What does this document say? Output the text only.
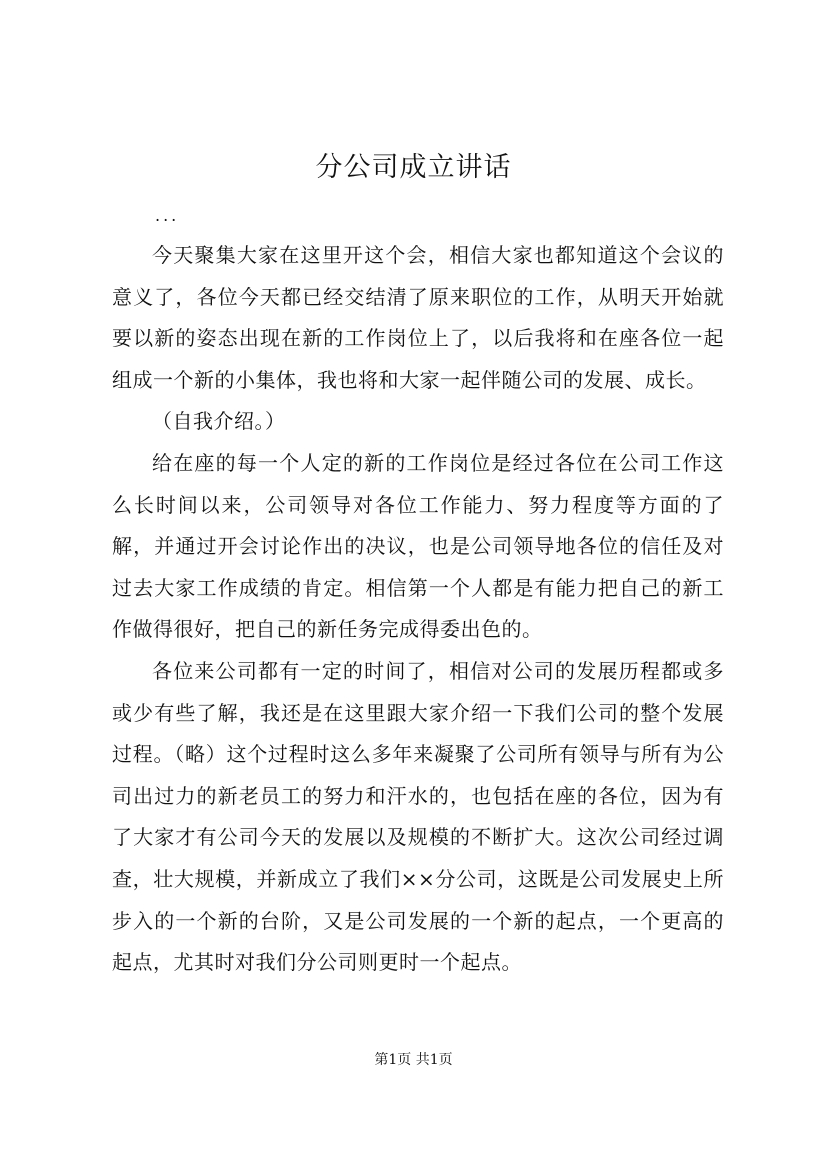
分公司成立讲话
...

今天聚集大家在这里开这个会，相信大家也都知道这个会议的意义了，各位今天都已经交结清了原来职位的工作，从明天开始就要以新的姿态出现在新的工作岗位上了，以后我将和在座各位一起组成一个新的小集体，我也将和大家一起伴随公司的发展、成长。

（自我介绍。）

给在座的每一个人定的新的工作岗位是经过各位在公司工作这么长时间以来，公司领导对各位工作能力、努力程度等方面的了解，并通过开会讨论作出的决议，也是公司领导地各位的信任及对过去大家工作成绩的肯定。相信第一个人都是有能力把自己的新工作做得很好，把自己的新任务完成得委出色的。

各位来公司都有一定的时间了，相信对公司的发展历程都或多或少有些了解，我还是在这里跟大家介绍一下我们公司的整个发展过程。（略）这个过程时这么多年来凝聚了公司所有领导与所有为公司出过力的新老员工的努力和汗水的，也包括在座的各位，因为有了大家才有公司今天的发展以及规模的不断扩大。这次公司经过调查，壮大规模，并新成立了我们××分公司，这既是公司发展史上所步入的一个新的台阶，又是公司发展的一个新的起点，一个更高的起点，尤其时对我们分公司则更时一个起点。

第1页 共1页
